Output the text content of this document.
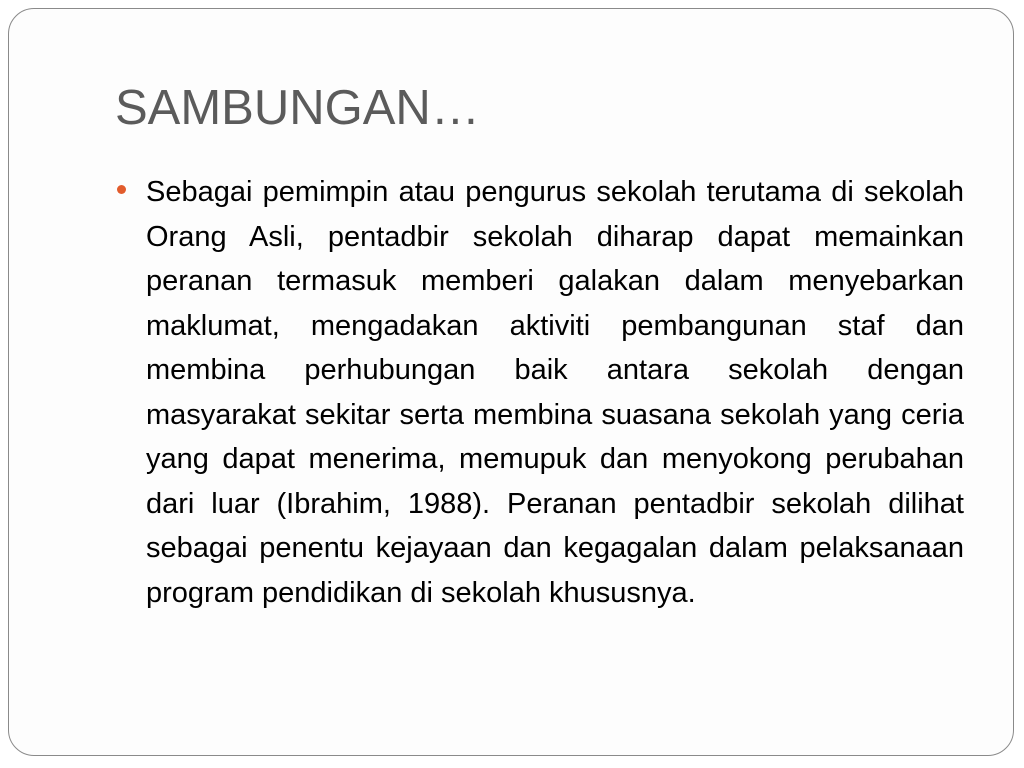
SAMBUNGAN…

Sebagai pemimpin atau pengurus sekolah terutama di sekolah Orang Asli, pentadbir sekolah diharap dapat memainkan peranan termasuk memberi galakan dalam menyebarkan maklumat, mengadakan aktiviti pembangunan staf dan membina perhubungan baik antara sekolah dengan masyarakat sekitar serta membina suasana sekolah yang ceria yang dapat menerima, memupuk dan menyokong perubahan dari luar (Ibrahim, 1988). Peranan pentadbir sekolah dilihat sebagai penentu kejayaan dan kegagalan dalam pelaksanaan program pendidikan di sekolah khususnya.
